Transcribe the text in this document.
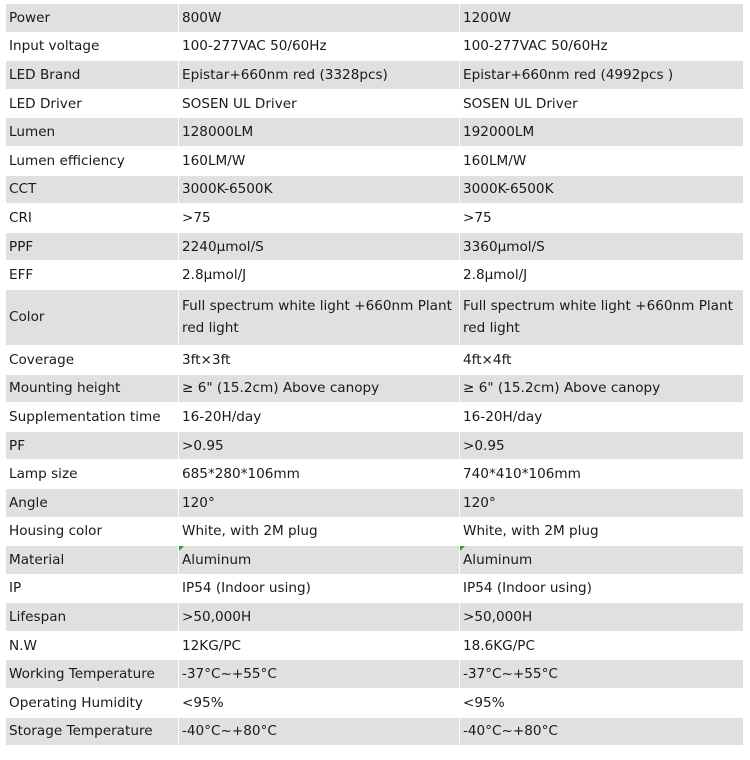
Power	800W	1200W
Input voltage	100-277VAC 50/60Hz	100-277VAC 50/60Hz
LED Brand	Epistar+660nm red (3328pcs)	Epistar+660nm red (4992pcs )
LED Driver	SOSEN UL Driver	SOSEN UL Driver
Lumen	128000LM	192000LM
Lumen efficiency	160LM/W	160LM/W
CCT	3000K-6500K	3000K-6500K
CRI	>75	>75
PPF	2240μmol/S	3360μmol/S
EFF	2.8μmol/J	2.8μmol/J
Color	Full spectrum white light +660nm Plant red light	Full spectrum white light +660nm Plant red light
Coverage	3ft×3ft	4ft×4ft
Mounting height	≥ 6" (15.2cm) Above canopy	≥ 6" (15.2cm) Above canopy
Supplementation time	16-20H/day	16-20H/day
PF	>0.95	>0.95
Lamp size	685*280*106mm	740*410*106mm
Angle	120°	120°
Housing color	White, with 2M plug	White, with 2M plug
Material	Aluminum	Aluminum
IP	IP54 (Indoor using)	IP54 (Indoor using)
Lifespan	>50,000H	>50,000H
N.W	12KG/PC	18.6KG/PC
Working Temperature	-37°C~+55°C	-37°C~+55°C
Operating Humidity	<95%	<95%
Storage Temperature	-40°C~+80°C	-40°C~+80°C
